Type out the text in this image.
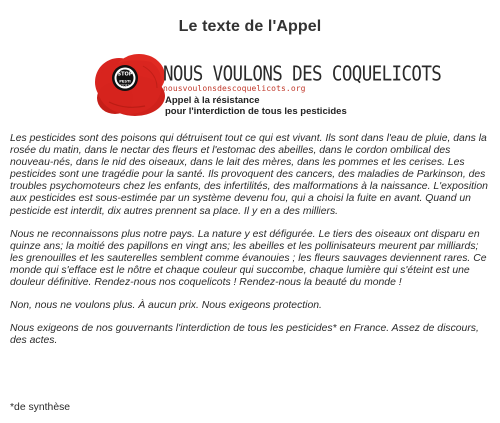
Le texte de l'Appel
STOP
PESTI
CIDES NOUS VOULONS DES COQUELICOTS
nousvoulonsdescoquelicots.org
Appel à la résistance
pour l'interdiction de tous les pesticides

Les pesticides sont des poisons qui détruisent tout ce qui est vivant. Ils sont dans l'eau de pluie, dans la rosée du matin, dans le nectar des fleurs et l'estomac des abeilles, dans le cordon ombilical des nouveau-nés, dans le nid des oiseaux, dans le lait des mères, dans les pommes et les cerises. Les pesticides sont une tragédie pour la santé. Ils provoquent des cancers, des maladies de Parkinson, des troubles psychomoteurs chez les enfants, des infertilités, des malformations à la naissance. L'exposition aux pesticides est sous-estimée par un système devenu fou, qui a choisi la fuite en avant. Quand un pesticide est interdit, dix autres prennent sa place. Il y en a des milliers.

Nous ne reconnaissons plus notre pays. La nature y est défigurée. Le tiers des oiseaux ont disparu en quinze ans; la moitié des papillons en vingt ans; les abeilles et les pollinisateurs meurent par milliards; les grenouilles et les sauterelles semblent comme évanouies ; les fleurs sauvages deviennent rares. Ce monde qui s'efface est le nôtre et chaque couleur qui succombe, chaque lumière qui s'éteint est une douleur définitive. Rendez-nous nos coquelicots ! Rendez-nous la beauté du monde !

Non, nous ne voulons plus. À aucun prix. Nous exigeons protection.

Nous exigeons de nos gouvernants l'interdiction de tous les pesticides* en France. Assez de discours, des actes.

*de synthèse
